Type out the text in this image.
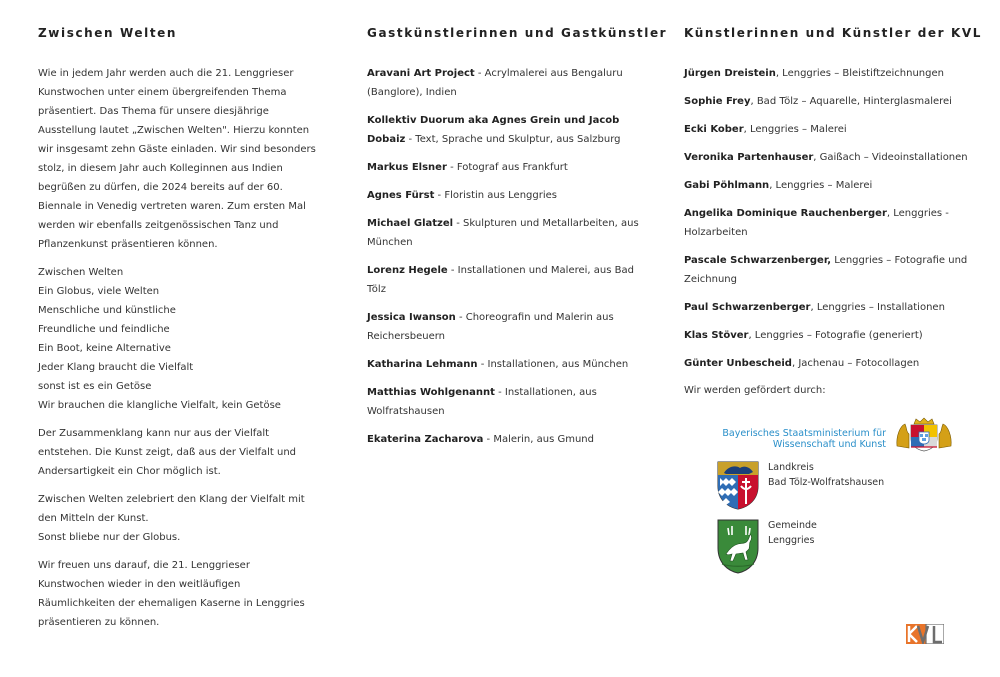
Zwischen Welten

Wie in jedem Jahr werden auch die 21. Lenggrieser Kunstwochen unter einem übergreifenden Thema präsentiert. Das Thema für unsere diesjährige Ausstellung lautet „Zwischen Welten". Hierzu konnten wir insgesamt zehn Gäste einladen. Wir sind besonders stolz, in diesem Jahr auch Kolleginnen aus Indien begrüßen zu dürfen, die 2024 bereits auf der 60. Biennale in Venedig vertreten waren. Zum ersten Mal werden wir ebenfalls zeitgenössischen Tanz und Pflanzenkunst präsentieren können.

Zwischen Welten
Ein Globus, viele Welten
Menschliche und künstliche
Freundliche und feindliche
Ein Boot, keine Alternative
Jeder Klang braucht die Vielfalt
sonst ist es ein Getöse
Wir brauchen die klangliche Vielfalt, kein Getöse

Der Zusammenklang kann nur aus der Vielfalt entstehen. Die Kunst zeigt, daß aus der Vielfalt und Andersartigkeit ein Chor möglich ist.

Zwischen Welten zelebriert den Klang der Vielfalt mit den Mitteln der Kunst.
Sonst bliebe nur der Globus.

Wir freuen uns darauf, die 21. Lenggrieser Kunstwochen wieder in den weitläufigen Räumlichkeiten der ehemaligen Kaserne in Lenggries präsentieren zu können.

Gastkünstlerinnen und Gastkünstler
Aravani Art Project - Acrylmalerei aus Bengaluru (Banglore), Indien
Kollektiv Duorum aka Agnes Grein und Jacob Dobaiz - Text, Sprache und Skulptur, aus Salzburg
Markus Elsner - Fotograf aus Frankfurt
Agnes Fürst - Floristin aus Lenggries
Michael Glatzel - Skulpturen und Metallarbeiten, aus München
Lorenz Hegele - Installationen und Malerei, aus Bad Tölz
Jessica Iwanson - Choreografin und Malerin aus Reichersbeuern
Katharina Lehmann - Installationen, aus München
Matthias Wohlgenannt - Installationen, aus Wolfratshausen
Ekaterina Zacharova - Malerin, aus Gmund
Künstlerinnen und Künstler der KVL
Jürgen Dreistein, Lenggries – Bleistiftzeichnungen
Sophie Frey, Bad Tölz – Aquarelle, Hinterglasmalerei
Ecki Kober, Lenggries – Malerei
Veronika Partenhauser, Gaißach – Videoinstallationen
Gabi Pöhlmann, Lenggries – Malerei
Angelika Dominique Rauchenberger, Lenggries - Holzarbeiten
Pascale Schwarzenberger, Lenggries – Fotografie und Zeichnung
Paul Schwarzenberger, Lenggries – Installationen
Klas Stöver, Lenggries – Fotografie (generiert)
Günter Unbescheid, Jachenau – Fotocollagen
Wir werden gefördert durch:
Bayerisches Staatsministerium für
Wissenschaft und Kunst
Landkreis
Bad Tölz-Wolfratshausen
Gemeinde
Lenggries
